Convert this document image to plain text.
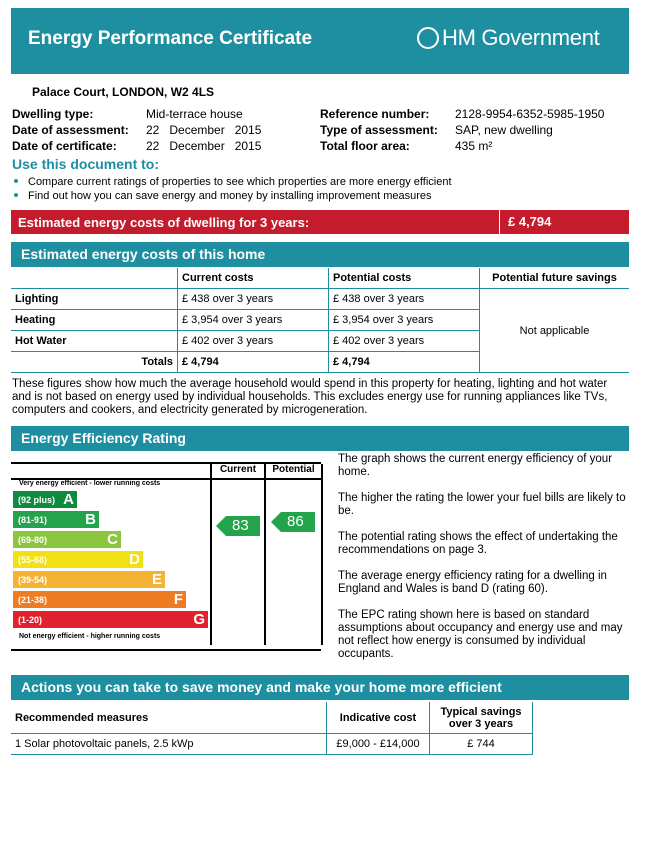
Energy Performance Certificate	HM Government
Palace Court, LONDON, W2 4LS
Dwelling type:	Mid-terrace house
Date of assessment: 22   December   2015
Date of certificate: 22   December   2015
Reference number: 2128-9954-6352-5985-1950
Type of assessment: SAP, new dwelling
Total floor area:	435 m²
Use this document to:
Compare current ratings of properties to see which properties are more energy efficient
Find out how you can save energy and money by installing improvement measures
Estimated energy costs of dwelling for 3 years:	£ 4,794
Estimated energy costs of this home
	Current costs	Potential costs	Potential future savings
Lighting	£ 438 over 3 years	£ 438 over 3 years	Not applicable
Heating	£ 3,954 over 3 years	£ 3,954 over 3 years	
Hot Water	£ 402 over 3 years	£ 402 over 3 years	
Totals	£ 4,794	£ 4,794	
These figures show how much the average household would spend in this property for heating, lighting and hot water and is not based on energy used by individual households. This excludes energy use for running appliances like TVs, computers and cookers, and electricity generated by microgeneration.
Energy Efficiency Rating
Current	Potential
Very energy efficient - lower running costs
Not energy efficient - higher running costs
(92 plus) A
(81-91)	B
(69-80)	C
(55-68)	D
(39-54)	E
(21-38)	F
(1-20)	G
83	86

The graph shows the current energy efficiency of your home.

The higher the rating the lower your fuel bills are likely to be.

The potential rating shows the effect of undertaking the recommendations on page 3.

The average energy efficiency rating for a dwelling in England and Wales is band D (rating 60).

The EPC rating shown here is based on standard assumptions about occupancy and energy use and may not reflect how energy is consumed by individual occupants.

Actions you can take to save money and make your home more efficient
Recommended measures	Indicative cost	Typical savings over 3 years
1 Solar photovoltaic panels, 2.5 kWp	£9,000 - £14,000	£ 744
